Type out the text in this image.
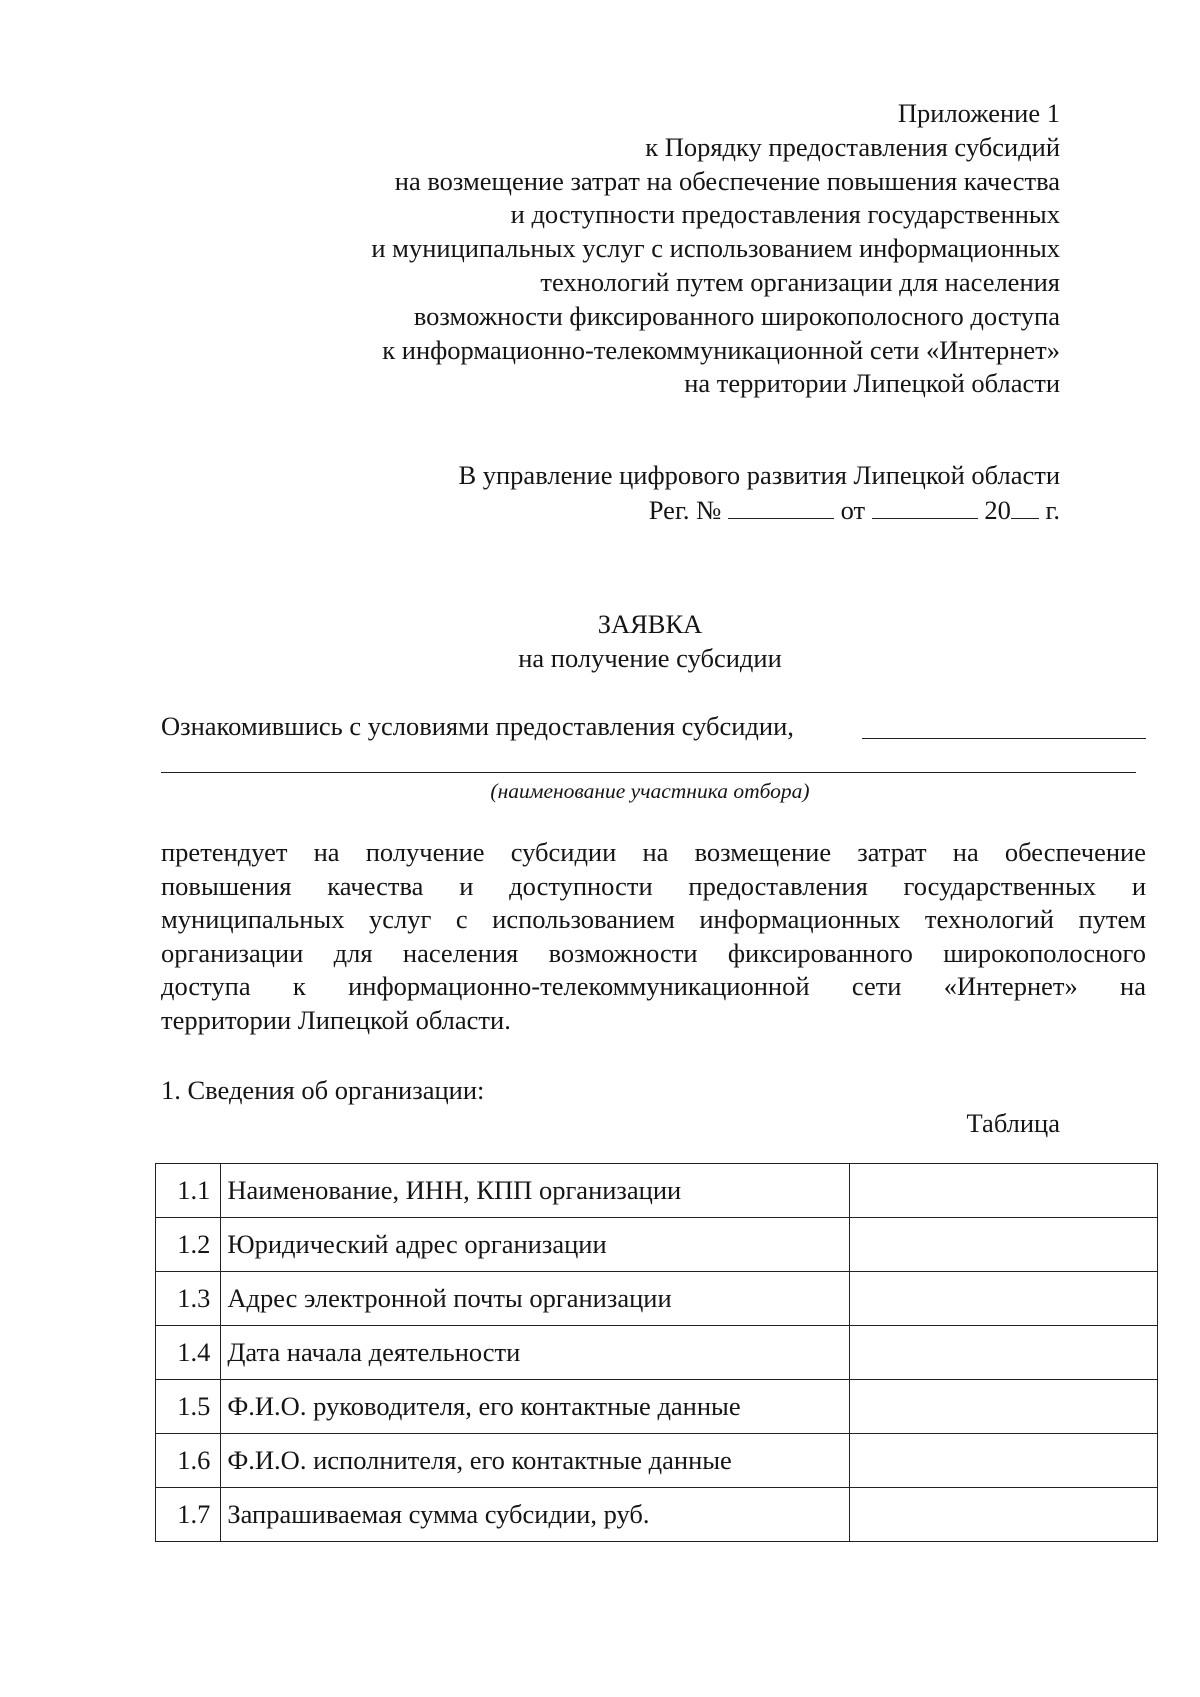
Приложение 1
к Порядку предоставления субсидий
на возмещение затрат на обеспечение повышения качества
и доступности предоставления государственных
и муниципальных услуг с использованием информационных
технологий путем организации для населения
возможности фиксированного широкополосного доступа
к информационно-телекоммуникационной сети «Интернет»
на территории Липецкой области
В управление цифрового развития Липецкой области
Рег. №	от	20 г.
ЗАЯВКА
на получение субсидии
Ознакомившись с условиями предоставления субсидии,
(наименование участника отбора)
претендует на получение субсидии на возмещение затрат на обеспечение
повышения качества и доступности предоставления государственных и
муниципальных услуг с использованием информационных технологий путем
организации для населения возможности фиксированного широкополосного
доступа к информационно-телекоммуникационной сети «Интернет» на
территории Липецкой области.
1. Сведения об организации:
Таблица
1.1	Наименование, ИНН, КПП организации	
1.2	Юридический адрес организации	
1.3	Адрес электронной почты организации	
1.4	Дата начала деятельности	
1.5	Ф.И.О. руководителя, его контактные данные	
1.6	Ф.И.О. исполнителя, его контактные данные	
1.7	Запрашиваемая сумма субсидии, руб.	
